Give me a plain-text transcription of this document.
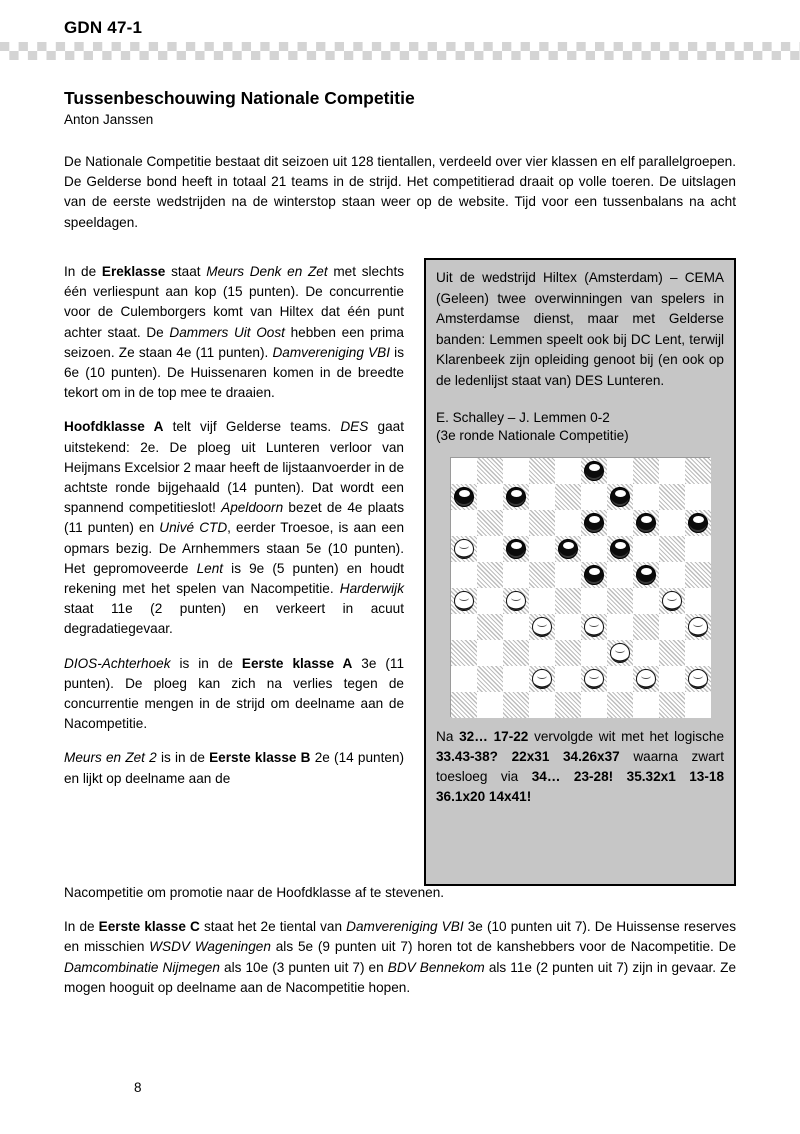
GDN 47-1
Tussenbeschouwing Nationale Competitie
Anton Janssen
De Nationale Competitie bestaat dit seizoen uit 128 tientallen, verdeeld over vier klassen en elf parallelgroepen. De Gelderse bond heeft in totaal 21 teams in de strijd. Het competitierad draait op volle toeren. De uitslagen van de eerste wedstrijden na de winterstop staan weer op de website. Tijd voor een tussenbalans na acht speeldagen.

In de Ereklasse staat Meurs Denk en Zet met slechts één verliespunt aan kop (15 punten). De concurrentie voor de Culemborgers komt van Hiltex dat één punt achter staat. De Dammers Uit Oost hebben een prima seizoen. Ze staan 4e (11 punten). Damvereniging VBI is 6e (10 punten). De Huissenaren komen in de breedte tekort om in de top mee te draaien.

Hoofdklasse A telt vijf Gelderse teams. DES gaat uitstekend: 2e. De ploeg uit Lunteren verloor van Heijmans Excelsior 2 maar heeft de lijstaanvoerder in de achtste ronde bijgehaald (14 punten). Dat wordt een spannend competitieslot! Apeldoorn bezet de 4e plaats (11 punten) en Univé CTD, eerder Troesoe, is aan een opmars bezig. De Arnhemmers staan 5e (10 punten). Het gepromoveerde Lent is 9e (5 punten) en houdt rekening met het spelen van Nacompetitie. Harderwijk staat 11e (2 punten) en verkeert in acuut degradatiegevaar.

DIOS-Achterhoek is in de Eerste klasse A 3e (11 punten). De ploeg kan zich na verlies tegen de concurrentie mengen in de strijd om deelname aan de Nacompetitie.

Meurs en Zet 2 is in de Eerste klasse B 2e (14 punten) en lijkt op deelname aan de

Uit de wedstrijd Hiltex (Amsterdam) – CEMA (Geleen) twee overwinningen van spelers in Amsterdamse dienst, maar met Gelderse banden: Lemmen speelt ook bij DC Lent, terwijl Klarenbeek zijn opleiding genoot bij (en ook op de ledenlijst staat van) DES Lunteren.
E. Schalley – J. Lemmen 0-2
(3e ronde Nationale Competitie)
Na 32… 17-22 vervolgde wit met het logische 33.43-38? 22x31 34.26x37 waarna zwart toesloeg via 34… 23-28! 35.32x1 13-18 36.1x20 14x41!

Nacompetitie om promotie naar de Hoofdklasse af te stevenen.

In de Eerste klasse C staat het 2e tiental van Damvereniging VBI 3e (10 punten uit 7). De Huissense reserves en misschien WSDV Wageningen als 5e (9 punten uit 7) horen tot de kanshebbers voor de Nacompetitie. De Damcombinatie Nijmegen als 10e (3 punten uit 7) en BDV Bennekom als 11e (2 punten uit 7) zijn in gevaar. Ze mogen hooguit op deelname aan de Nacompetitie hopen.

8
